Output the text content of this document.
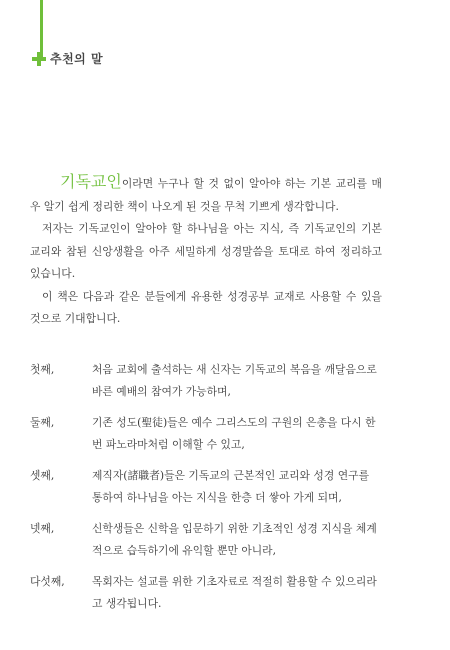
추천의 말

기독교인이라면 누구나 할 것 없이 알아야 하는 기본 교리를 매우 알기 쉽게 정리한 책이 나오게 된 것을 무척 기쁘게 생각합니다.

저자는 기독교인이 알아야 할 하나님을 아는 지식, 즉 기독교인의 기본 교리와 참된 신앙생활을 아주 세밀하게 성경말씀을 토대로 하여 정리하고 있습니다.

이 책은 다음과 같은 분들에게 유용한 성경공부 교재로 사용할 수 있을 것으로 기대합니다.

첫째,	처음 교회에 출석하는 새 신자는 기독교의 복음을 깨달음으로 바른 예배의 참여가 가능하며,
둘째,	기존 성도(聖徒)들은 예수 그리스도의 구원의 은총을 다시 한번 파노라마처럼 이해할 수 있고,
셋째,	제직자(諸職者)들은 기독교의 근본적인 교리와 성경 연구를 통하여 하나님을 아는 지식을 한층 더 쌓아 가게 되며,
넷째,	신학생들은 신학을 입문하기 위한 기초적인 성경 지식을 체계적으로 습득하기에 유익할 뿐만 아니라,
다섯째,	목회자는 설교를 위한 기초자료로 적절히 활용할 수 있으리라고 생각됩니다.
